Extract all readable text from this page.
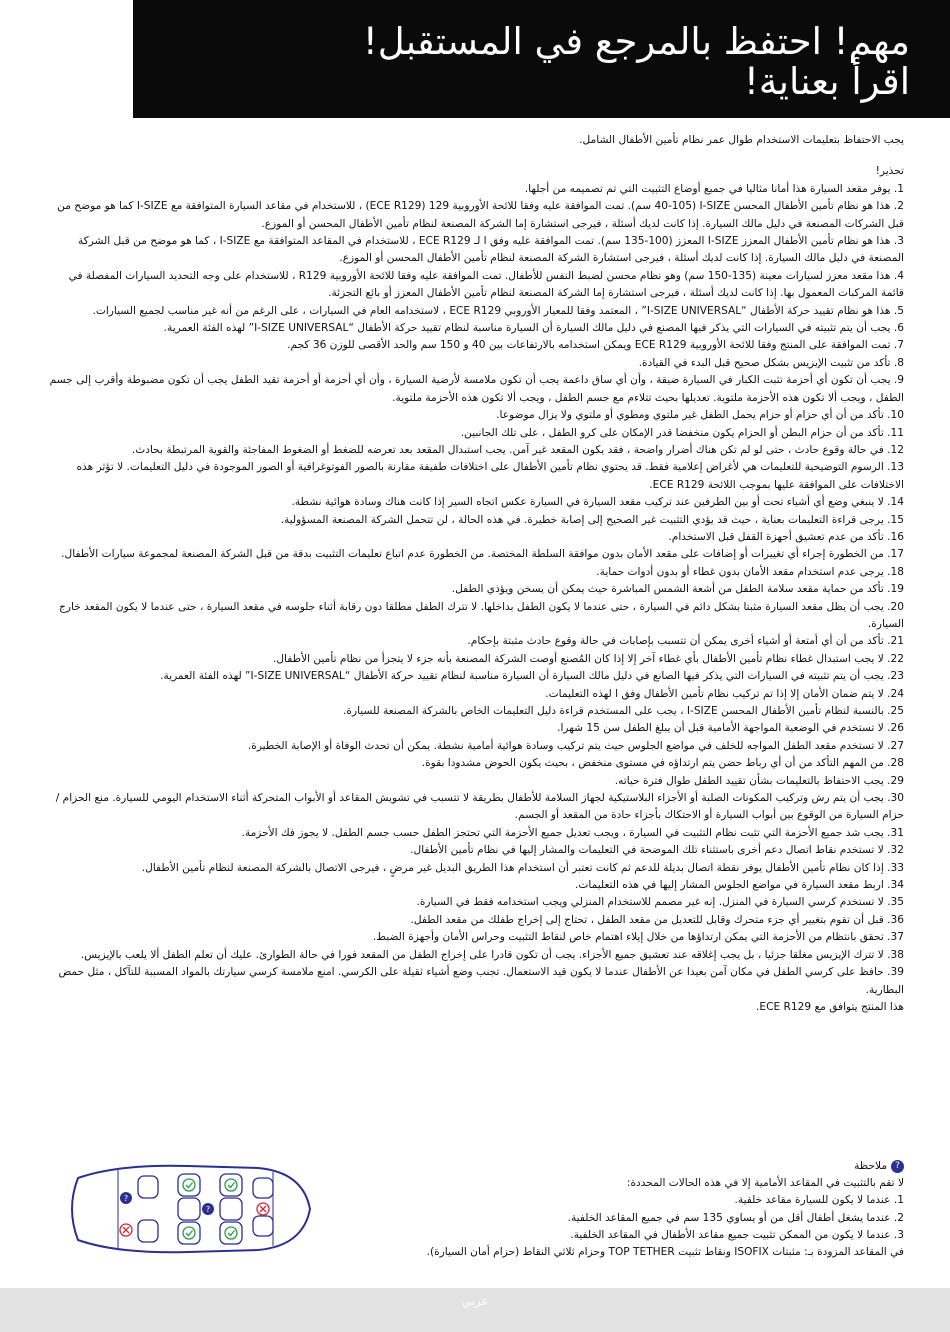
مهم! احتفظ بالمرجع في المستقبل!
اقرأ بعناية!

يجب الاحتفاظ بتعليمات الاستخدام طوال عمر نظام تأمين الأطفال الشامل.

تحذير!

1. يوفر مقعد السيارة هذا أمانا مثاليا في جميع أوضاع التثبيت التي تم تصميمه من أجلها.

2. هذا هو نظام تأمين الأطفال المحسن I-SIZE (40-105 سم). تمت الموافقة عليه وفقا للائحة الأوروبية 129 (ECE R129) ، للاستخدام في مقاعد السيارة المتوافقة مع I-SIZE كما هو موضح من قبل الشركات المصنعة في دليل مالك السيارة. إذا كانت لديك أسئلة ، فيرجى استشارة إما الشركة المصنعة لنظام تأمين الأطفال المحسن أو الموزع.

3. هذا هو نظام تأمين الأطفال المعزز I-SIZE المعزز (100-135 سم). تمت الموافقة عليه وفق ا لـ ECE R129 ، للاستخدام في المقاعد المتوافقة مع I-SIZE ، كما هو موضح من قبل الشركة المصنعة في دليل مالك السيارة. إذا كانت لديك أسئلة ، فيرجى استشارة الشركة المصنعة لنظام تأمين الأطفال المحسن أو الموزع.

4. هذا مقعد معزز لسيارات معينة (135-150 سم) وهو نظام محسن لضبط النفس للأطفال. تمت الموافقة عليه وفقا للائحة الأوروبية R129 ، للاستخدام على وجه التحديد السيارات المفصلة في قائمة المركبات المعمول بها. إذا كانت لديك أسئلة ، فيرجى استشارة إما الشركة المصنعة لنظام تأمين الأطفال المعزز أو بائع التجزئة.

5. هذا هو نظام تقييد حركة الأطفال “I-SIZE UNIVERSAL” ، المعتمد وفقا للمعيار الأوروبي ECE R129 ، لاستخدامه العام في السيارات ، على الرغم من أنه غير مناسب لجميع السيارات.

6. يجب أن يتم تثبيته في السيارات التي يذكر فيها المصنع في دليل مالك السيارة أن السيارة مناسبة لنظام تقييد حركة الأطفال “I-SIZE UNIVERSAL” لهذه الفئة العمرية.

7. تمت الموافقة على المنتج وفقا للائحة الأوروبية ECE R129 ويمكن استخدامه بالارتفاعات بين 40 و 150 سم والحد الأقصى للوزن 36 كجم.

8. تأكد من تثبيت الإيزيس بشكل صحيح قبل البدء في القيادة.

9. يجب أن تكون أي أحزمة تثبت الكبار في السيارة ضيقة ، وأن أي ساق داعمة يجب أن تكون ملامسة لأرضية السيارة ، وأن أي أحزمة أو أحزمة تقيد الطفل يجب أن تكون مضبوطة وأقرب إلى جسم الطفل ، ويجب ألا تكون هذه الأحزمة ملتوية. تعديلها بحيث تتلاءم مع جسم الطفل ، ويجب ألا تكون هذه الأحزمة ملتوية.

10. تأكد من أن أي حزام أو حزام يحمل الطفل غير ملتوي ومطوي أو ملتوي ولا يزال موضوعا.

11. تأكد من أن حزام البطن أو الحزام يكون منخفضا قدر الإمكان على كرو الطفل ، على تلك الجانبين.

12. في حالة وقوع حادث ، حتى لو لم تكن هناك أضرار واضحة ، فقد يكون المقعد غير آمن. يجب استبدال المقعد بعد تعرضه للضغط أو الضغوط المفاجئة والقوية المرتبطة بحادث.

13. الرسوم التوضيحية للتعليمات هي لأغراض إعلامية فقط. قد يحتوي نظام تأمين الأطفال على اختلافات طفيفة مقارنة بالصور الفوتوغرافية أو الصور الموجودة في دليل التعليمات. لا تؤثر هذه الاختلافات على الموافقة عليها بموجب اللائحة ECE R129.

14. لا ينبغي وضع أي أشياء تحت أو بين الطرفين عند تركيب مقعد السيارة في السيارة عكس اتجاه السير إذا كانت هناك وسادة هوائية نشطة.

15. يرجى قراءة التعليمات بعناية ، حيث قد يؤدي التثبيت غير الصحيح إلى إصابة خطيرة. في هذه الحالة ، لن تتحمل الشركة المصنعة المسؤولية.

16. تأكد من عدم تعشيق أجهزة القفل قبل الاستخدام.

17. من الخطورة إجراء أي تغييرات أو إضافات على مقعد الأمان بدون موافقة السلطة المختصة. من الخطورة عدم اتباع تعليمات التثبيت بدقة من قبل الشركة المصنعة لمجموعة سيارات الأطفال.

18. يرجى عدم استخدام مقعد الأمان بدون غطاء أو بدون أدوات حماية.

19. تأكد من حماية مقعد سلامة الطفل من أشعة الشمس المباشرة حيث يمكن أن يسخن ويؤذي الطفل.

20. يجب أن يظل مقعد السيارة مثبتا بشكل دائم في السيارة ، حتى عندما لا يكون الطفل بداخلها. لا تترك الطفل مطلقا دون رقابة أثناء جلوسه في مقعد السيارة ، حتى عندما لا يكون المقعد خارج السيارة.

21. تأكد من أن أي أمتعة أو أشياء أخرى يمكن أن تتسبب بإصابات في حالة وقوع حادث مثبتة بإحكام.

22. لا يجب استبدال غطاء نظام تأمين الأطفال بأي غطاء آخر إلا إذا كان المُصنع أوصت الشركة المصنعة بأنه جزء لا يتجزأ من نظام تأمين الأطفال.

23. يجب أن يتم تثبيته في السيارات التي يذكر فيها الصانع في دليل مالك السيارة أن السيارة مناسبة لنظام تقييد حركة الأطفال “I-SIZE UNIVERSAL” لهذه الفئة العمرية.

24. لا يتم ضمان الأمان إلا إذا تم تركيب نظام تأمين الأطفال وفق ا لهذه التعليمات.

25. بالنسبة لنظام تأمين الأطفال المحسن I-SIZE ، يجب على المستخدم قراءة دليل التعليمات الخاص بالشركة المصنعة للسيارة.

26. لا تستخدم في الوضعية المواجهة الأمامية قبل أن يبلغ الطفل سن 15 شهرا.

27. لا تستخدم مقعد الطفل المواجه للخلف في مواضع الجلوس حيث يتم تركيب وسادة هوائية أمامية نشطة. يمكن أن تحدث الوفاة أو الإصابة الخطيرة.

28. من المهم التأكد من أن أي رباط حضن يتم ارتداؤه في مستوى منخفض ، بحيث يكون الحوض مشدودا بقوة.

29. يجب الاحتفاظ بالتعليمات بشأن تقييد الطفل طوال فترة حياته.

30. يجب أن يتم رش وتركيب المكونات الصلبة أو الأجزاء البلاستيكية لجهاز السلامة للأطفال بطريقة لا تتسبب في تشويش المقاعد أو الأبواب المتحركة أثناء الاستخدام اليومي للسيارة. منع الحزام / حزام السيارة من الوقوع بين أبواب السيارة أو الاحتكاك بأجزاء حادة من المقعد أو الجسم.

31. يجب شد جميع الأحزمة التي تثبت نظام التثبيت في السيارة ، ويجب تعديل جميع الأحزمة التي تحتجز الطفل حسب جسم الطفل. لا يجوز فك الأحزمة.

32. لا تستخدم نقاط اتصال دعم أخرى باستثناء تلك الموضحة في التعليمات والمشار إليها في نظام تأمين الأطفال.

33. إذا كان نظام تأمين الأطفال يوفر نقطة اتصال بديلة للدعم ثم كانت تعتبر أن استخدام هذا الطريق البديل غير مرضٍ ، فيرجى الاتصال بالشركة المصنعة لنظام تأمين الأطفال.

34. اربط مقعد السيارة في مواضع الجلوس المشار إليها في هذه التعليمات.

35. لا تستخدم كرسي السيارة في المنزل. إنه غير مصمم للاستخدام المنزلي ويجب استخدامه فقط في السيارة.

36. قبل أن تقوم بتغيير أي جزء متحرك وقابل للتعديل من مقعد الطفل ، تحتاج إلى إخراج طفلك من مقعد الطفل.

37. تحقق بانتظام من الأحزمة التي يمكن ارتداؤها من خلال إيلاء اهتمام خاص لنقاط التثبيت وحراس الأمان وأجهزة الضبط.

38. لا تترك الإيزيس مغلقا جزئيا ، بل يجب إغلاقه عند تعشيق جميع الأجزاء. يجب أن تكون قادرا على إخراج الطفل من المقعد فورا في حالة الطوارئ. عليك أن تعلم الطفل ألا يلعب بالإيزيس.

39. حافظ على كرسي الطفل في مكان آمن بعيدا عن الأطفال عندما لا يكون قيد الاستعمال. تجنب وضع أشياء ثقيلة على الكرسي. امنع ملامسة كرسي سيارتك بالمواد المسببة للتآكل ، مثل حمض البطارية.

هذا المنتج يتوافق مع ECE R129.

?
?
?
ملاحظة

لا تقم بالتثبيت في المقاعد الأمامية إلا في هذه الحالات المحددة:

1. عندما لا يكون للسيارة مقاعد خلفية.

2. عندما يشغل أطفال أقل من أو يساوي 135 سم في جميع المقاعد الخلفية.

3. عندما لا يكون من الممكن تثبيت جميع مقاعد الأطفال في المقاعد الخلفية.

في المقاعد المزودة بـ: مثبتات ISOFIX ونقاط تثبيت TOP TETHER وحزام ثلاثي النقاط (حزام أمان السيارة).

عربي
